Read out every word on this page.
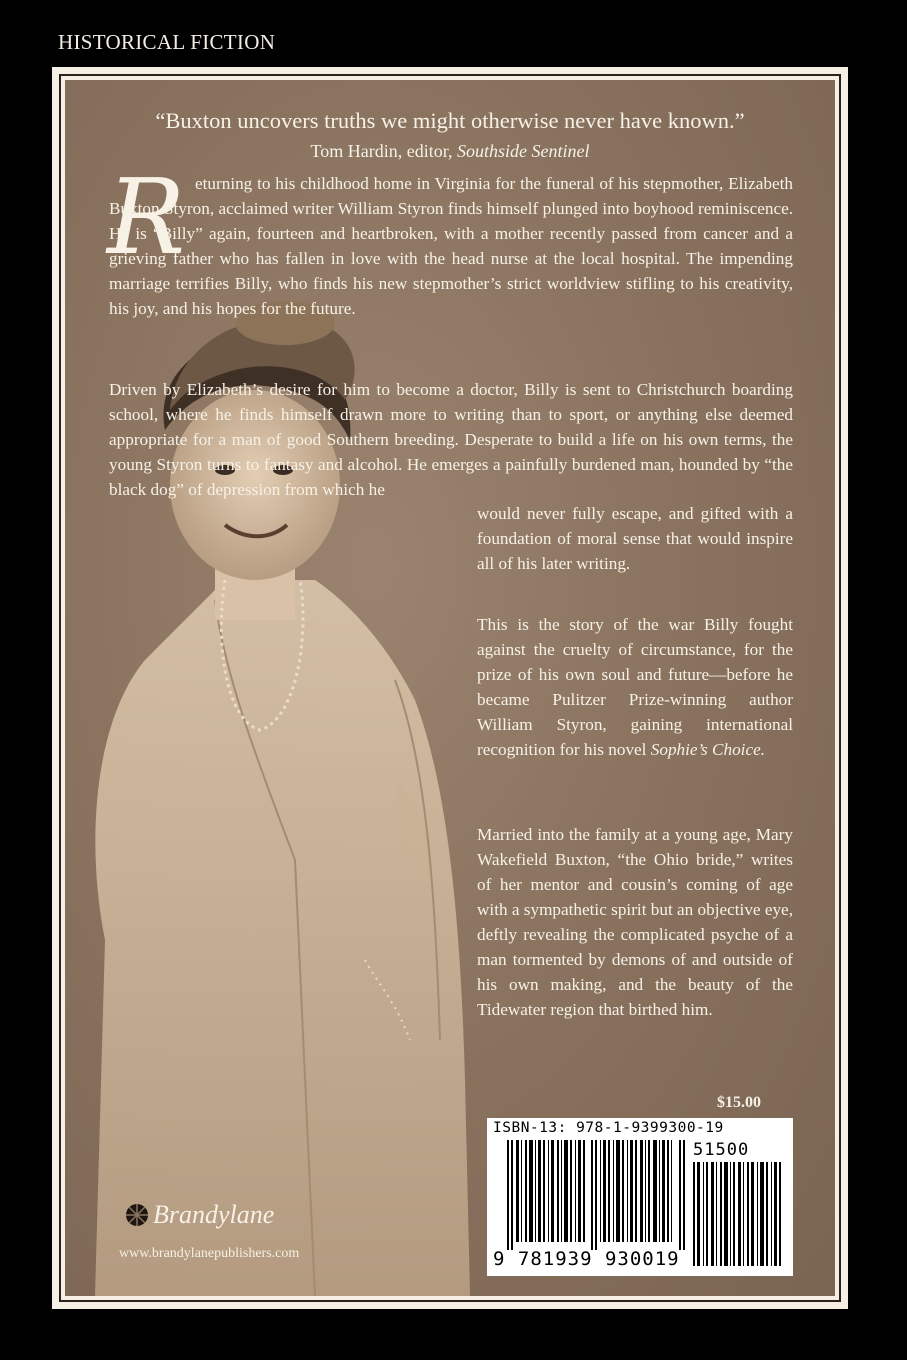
HISTORICAL FICTION
“Buxton uncovers truths we might otherwise never have known.”
Tom Hardin, editor, Southside Sentinel
R eturning to his childhood home in Virginia for the funeral of his stepmother, Elizabeth Buxton Styron, acclaimed writer William Styron finds himself plunged into boyhood reminiscence. He is “Billy” again, fourteen and heartbroken, with a mother recently passed from cancer and a grieving father who has fallen in love with the head nurse at the local hospital. The impending marriage terrifies Billy, who finds his new stepmother’s strict worldview stifling to his creativity, his joy, and his hopes for the future.
Driven by Elizabeth’s desire for him to become a doctor, Billy is sent to Christchurch boarding school, where he finds himself drawn more to writing than to sport, or anything else deemed appropriate for a man of good Southern breeding. Desperate to build a life on his own terms, the young Styron turns to fantasy and alcohol. He emerges a painfully burdened man, hounded by “the black dog” of depression from which he
would never fully escape, and gifted with a foundation of moral sense that would inspire all of his later writing.
This is the story of the war Billy fought against the cruelty of circumstance, for the prize of his own soul and future—before he became Pulitzer Prize-winning author William Styron, gaining international recognition for his novel Sophie’s Choice.
Married into the family at a young age, Mary Wakefield Buxton, “the Ohio bride,” writes of her mentor and cousin’s coming of age with a sympathetic spirit but an objective eye, deftly revealing the complicated psyche of a man tormented by demons of and outside of his own making, and the beauty of the Tidewater region that birthed him.
$15.00
ISBN-13: 978-1-9399300-19
51500
9 781939 930019
Brandylane
www.brandylanepublishers.com
